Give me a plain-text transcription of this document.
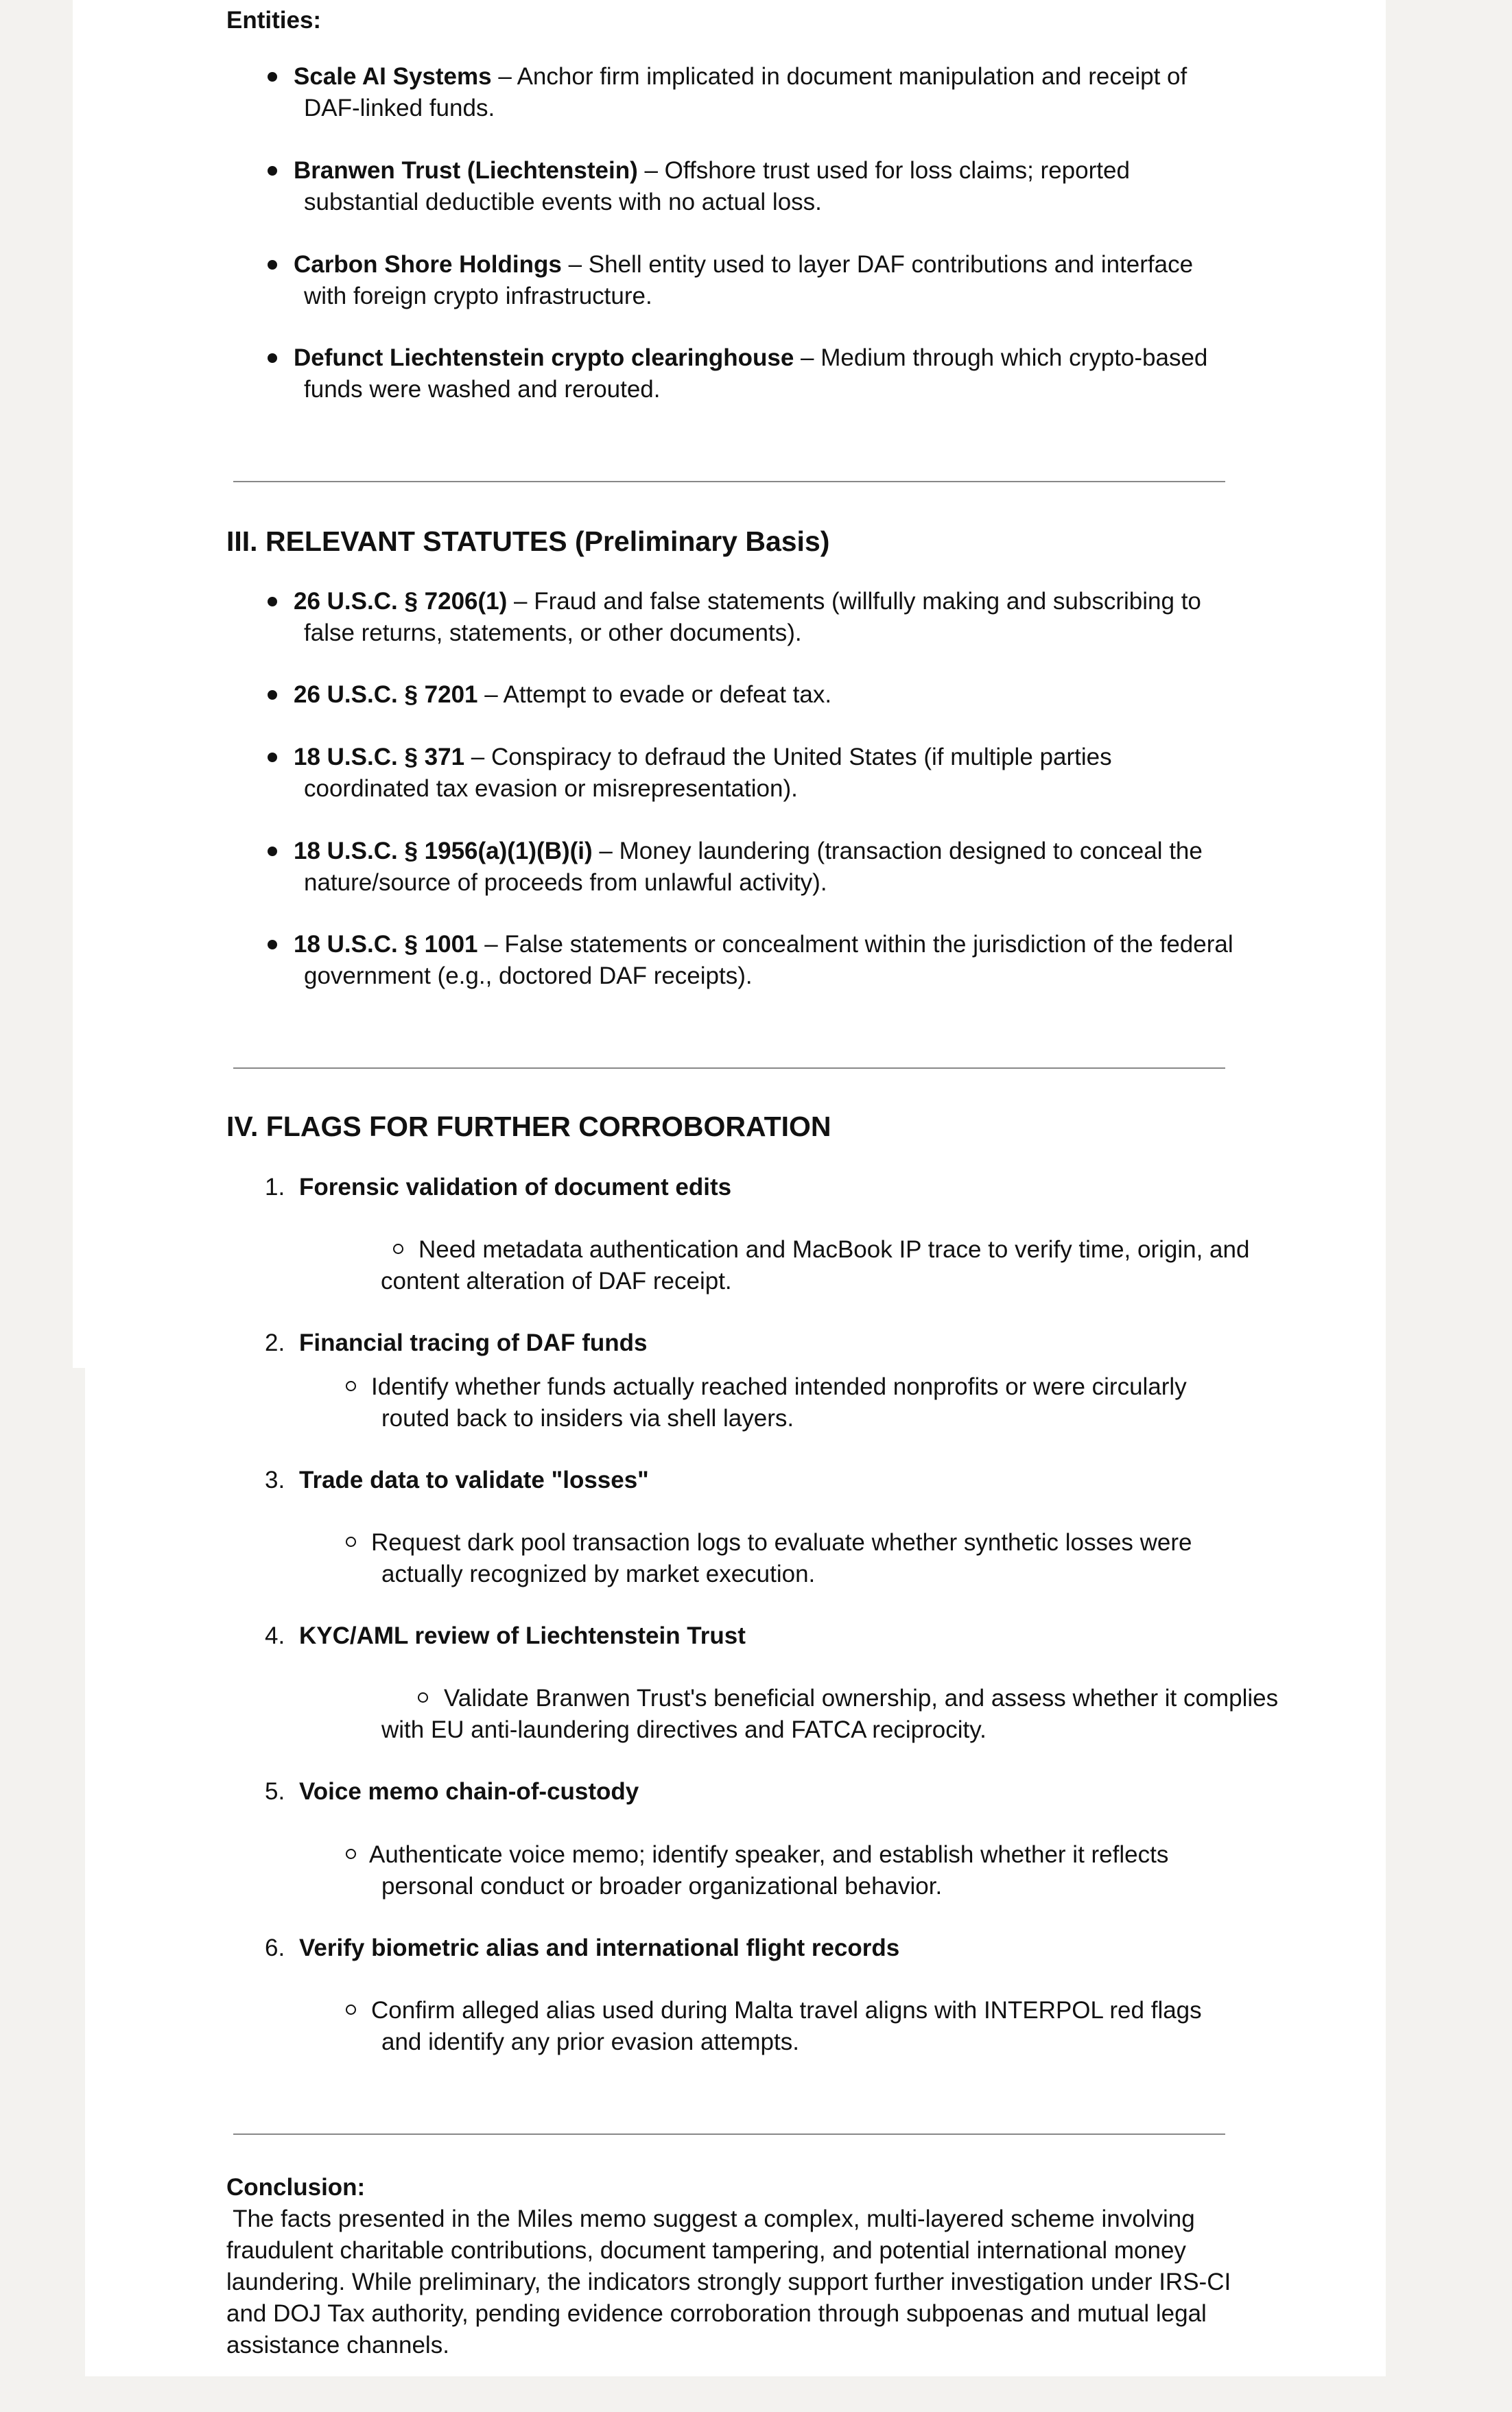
Entities:
Scale AI Systems – Anchor firm implicated in document manipulation and receipt of
DAF-linked funds.
Branwen Trust (Liechtenstein) – Offshore trust used for loss claims; reported
substantial deductible events with no actual loss.
Carbon Shore Holdings – Shell entity used to layer DAF contributions and interface
with foreign crypto infrastructure.
Defunct Liechtenstein crypto clearinghouse – Medium through which crypto-based
funds were washed and rerouted.
III. RELEVANT STATUTES (Preliminary Basis)
26 U.S.C. § 7206(1) – Fraud and false statements (willfully making and subscribing to
false returns, statements, or other documents).
26 U.S.C. § 7201 – Attempt to evade or defeat tax.
18 U.S.C. § 371 – Conspiracy to defraud the United States (if multiple parties
coordinated tax evasion or misrepresentation).
18 U.S.C. § 1956(a)(1)(B)(i) – Money laundering (transaction designed to conceal the
nature/source of proceeds from unlawful activity).
18 U.S.C. § 1001 – False statements or concealment within the jurisdiction of the federal
government (e.g., doctored DAF receipts).
IV. FLAGS FOR FURTHER CORROBORATION
1. Forensic validation of document edits
Need metadata authentication and MacBook IP trace to verify time, origin, and
content alteration of DAF receipt.
2. Financial tracing of DAF funds
Identify whether funds actually reached intended nonprofits or were circularly
routed back to insiders via shell layers.
3. Trade data to validate "losses"
Request dark pool transaction logs to evaluate whether synthetic losses were
actually recognized by market execution.
4. KYC/AML review of Liechtenstein Trust
Validate Branwen Trust's beneficial ownership, and assess whether it complies
with EU anti-laundering directives and FATCA reciprocity.
5. Voice memo chain-of-custody
Authenticate voice memo; identify speaker, and establish whether it reflects
personal conduct or broader organizational behavior.
6. Verify biometric alias and international flight records
Confirm alleged alias used during Malta travel aligns with INTERPOL red flags
and identify any prior evasion attempts.
Conclusion:
The facts presented in the Miles memo suggest a complex, multi-layered scheme involving
fraudulent charitable contributions, document tampering, and potential international money
laundering. While preliminary, the indicators strongly support further investigation under IRS-CI
and DOJ Tax authority, pending evidence corroboration through subpoenas and mutual legal
assistance channels.
